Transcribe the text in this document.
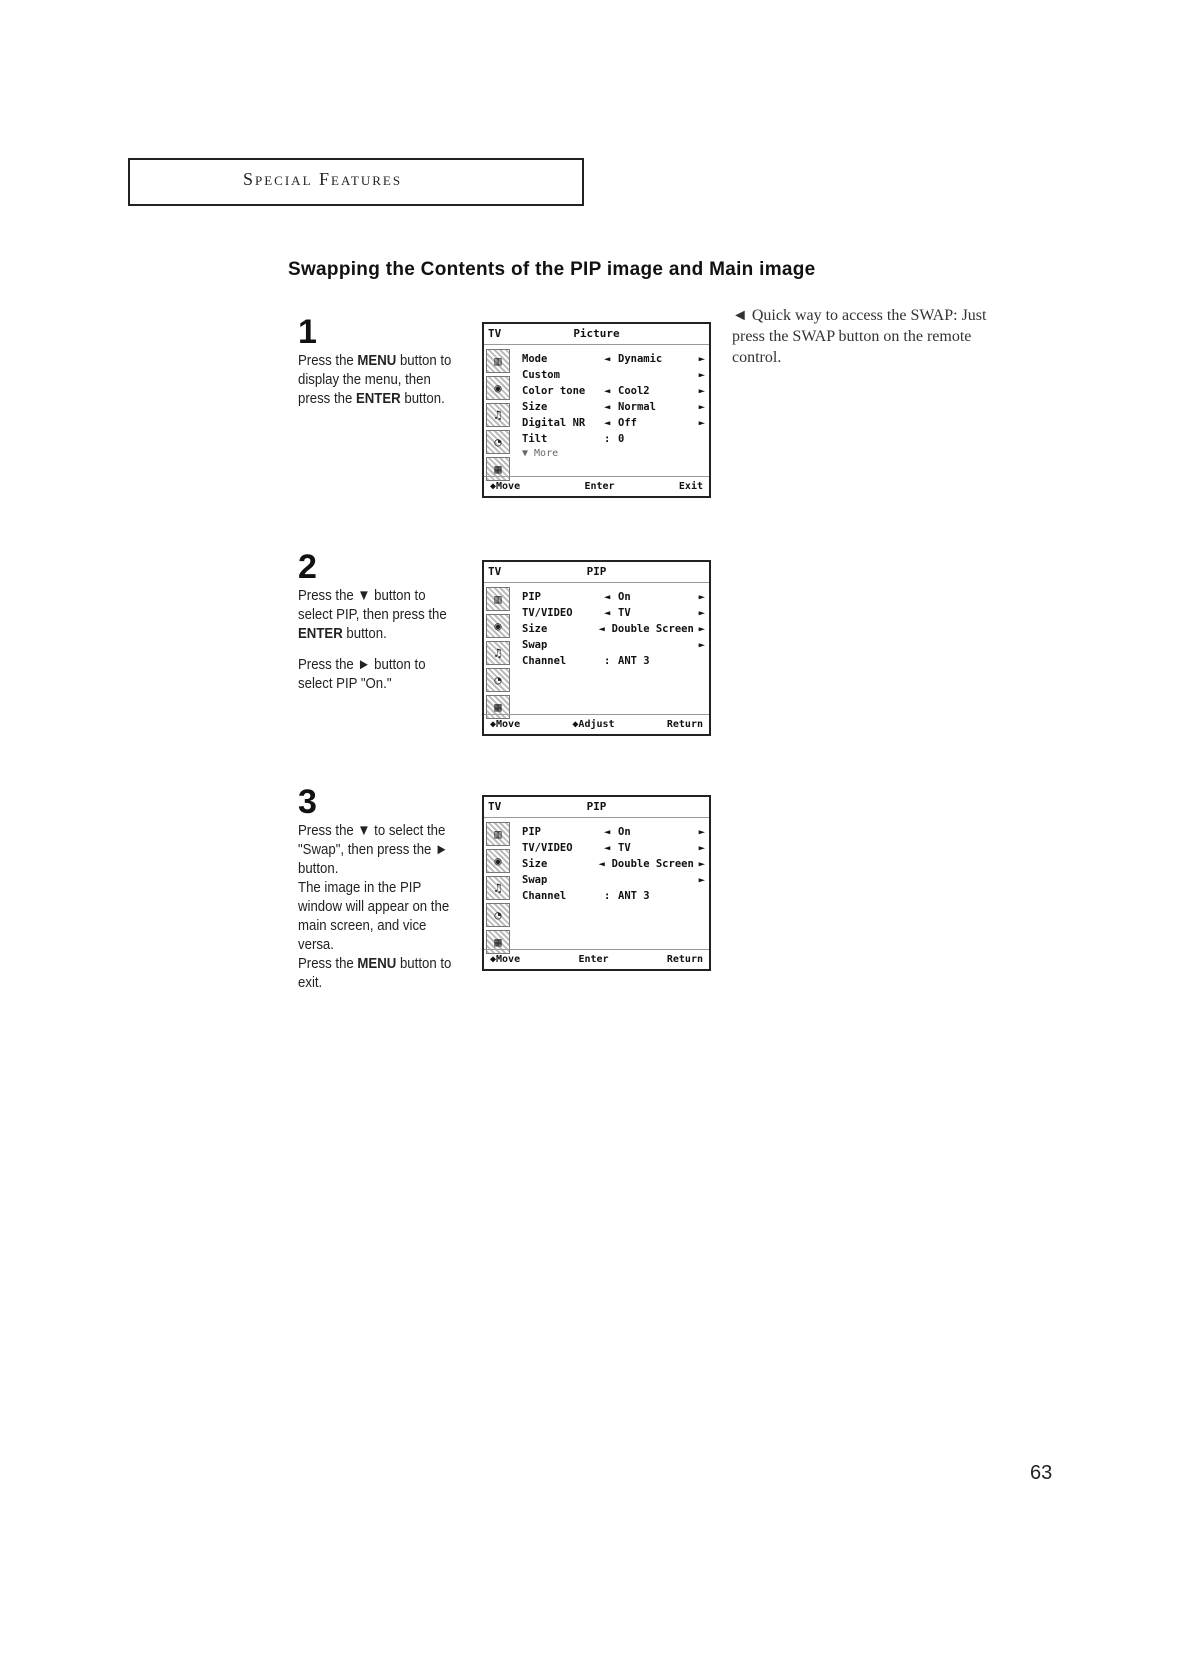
Special Features
Swapping the Contents of the PIP image and Main image
1
Press the MENU button to display the menu, then press the ENTER button.
TV	Picture
▥
◉
♫
◔
▦
Mode	◄ Dynamic	►
Custom	►
Color tone	◄ Cool2	►
Size	◄ Normal	►
Digital NR	◄ Off	►
Tilt	: 0
▼ More
◆Move	Enter	Exit
2
Press the ▼ button to select PIP, then press the ENTER button.
Press the ► button to select PIP "On."
TV	PIP
▥
◉
♫
◔
▦
PIP	◄ On	►
TV/VIDEO	◄ TV	►
Size	◄ Double Screen ►
Swap	►
Channel	: ANT 3
◆Move	◆Adjust	Return
3
Press the ▼ to select the "Swap", then press the ► button.
The image in the PIP window will appear on the main screen, and vice versa.
Press the MENU button to exit.
TV	PIP
▥
◉
♫
◔
▦
PIP	◄ On	►
TV/VIDEO	◄ TV	►
Size	◄ Double Screen ►
Swap	►
Channel	: ANT 3
◆Move	Enter	Return
◄ Quick way to access the SWAP: Just press the SWAP button on the remote control.
63
